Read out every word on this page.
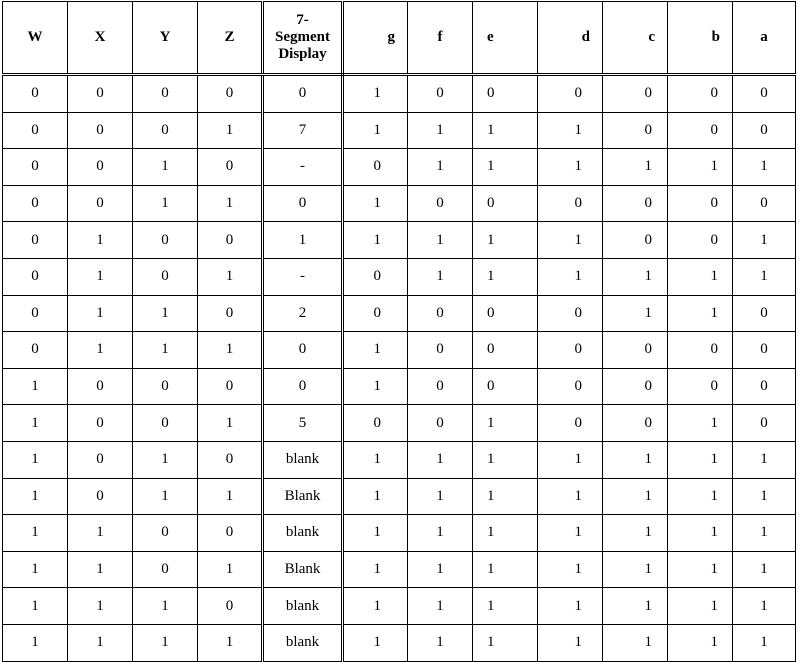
W	X	Y	Z	7-
Segment
Display	g	f	e	d	c	b	a
0	0	0	0	0	1	0	0	0	0	0	0
0	0	0	1	7	1	1	1	1	0	0	0
0	0	1	0	-	0	1	1	1	1	1	1
0	0	1	1	0	1	0	0	0	0	0	0
0	1	0	0	1	1	1	1	1	0	0	1
0	1	0	1	-	0	1	1	1	1	1	1
0	1	1	0	2	0	0	0	0	1	1	0
0	1	1	1	0	1	0	0	0	0	0	0
1	0	0	0	0	1	0	0	0	0	0	0
1	0	0	1	5	0	0	1	0	0	1	0
1	0	1	0	blank	1	1	1	1	1	1	1
1	0	1	1	Blank	1	1	1	1	1	1	1
1	1	0	0	blank	1	1	1	1	1	1	1
1	1	0	1	Blank	1	1	1	1	1	1	1
1	1	1	0	blank	1	1	1	1	1	1	1
1	1	1	1	blank	1	1	1	1	1	1	1
